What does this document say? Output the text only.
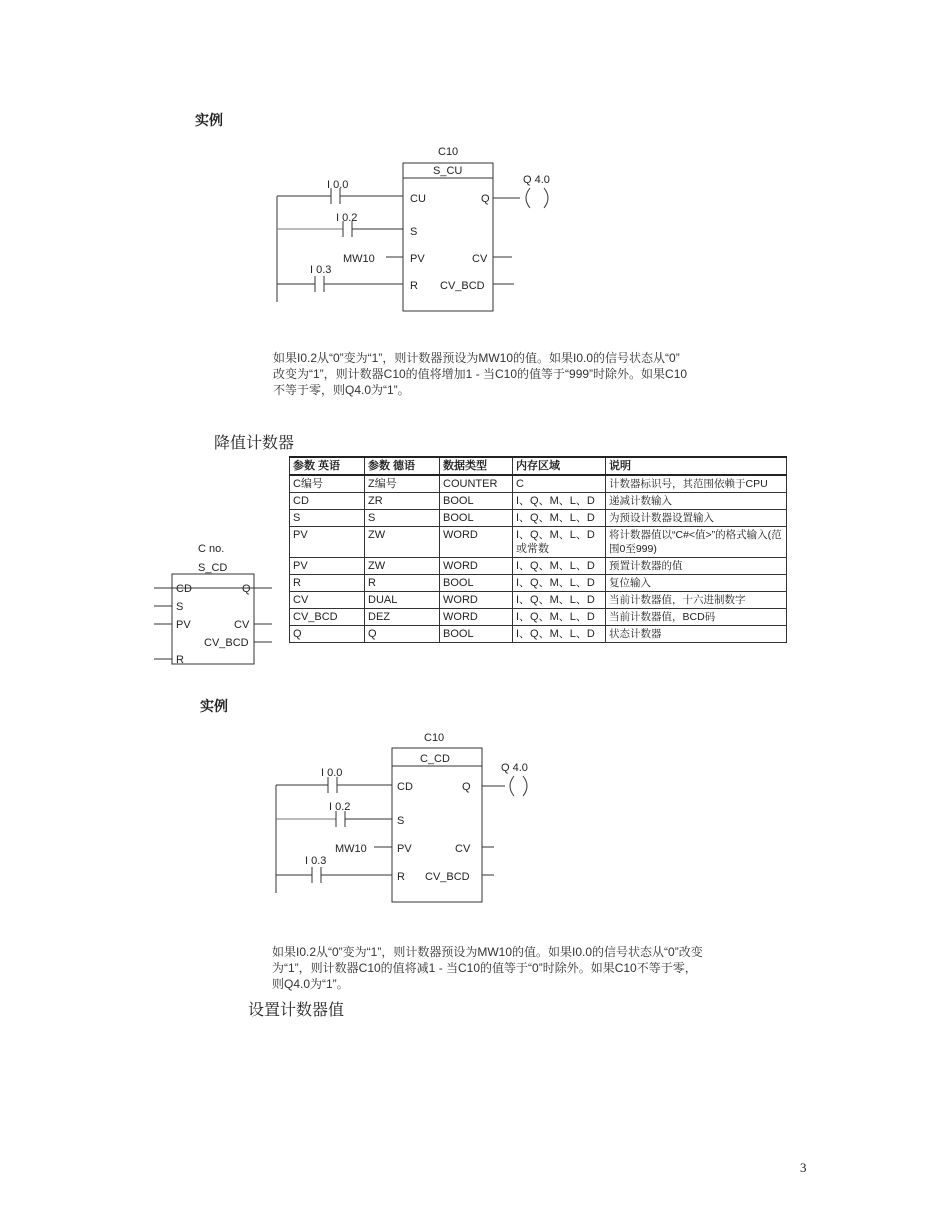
实例
C10
S_CU
I 0.0
I 0.2
I 0.3
CU
S
PV
R
Q
CV
CV_BCD
MW10
Q 4.0
如果I0.2从“0”变为“1”，则计数器预设为MW10的值。如果I0.0的信号状态从“0”
改变为“1”，则计数器C10的值将增加1 - 当C10的值等于“999”时除外。如果C10
不等于零，则Q4.0为“1”。
降值计数器
C no.
S_CD
CD
S
PV
R
Q
CV
CV_BCD
参数 英语	参数 德语	数据类型	内存区域	说明
C编号	Z编号	COUNTER	C	计数器标识号，其范围依赖于CPU
CD	ZR	BOOL	I、Q、M、L、D	递减计数输入
S	S	BOOL	I、Q、M、L、D	为预设计数器设置输入
PV	ZW	WORD	I、Q、M、L、D或常数	将计数器值以“C#<值>”的格式输入(范围0至999)
PV	ZW	WORD	I、Q、M、L、D	预置计数器的值
R	R	BOOL	I、Q、M、L、D	复位输入
CV	DUAL	WORD	I、Q、M、L、D	当前计数器值，十六进制数字
CV_BCD	DEZ	WORD	I、Q、M、L、D	当前计数器值，BCD码
Q	Q	BOOL	I、Q、M、L、D	状态计数器
实例
C10
C_CD
I 0.0
I 0.2
I 0.3
CD
S
PV
R
Q
CV
CV_BCD
MW10
Q 4.0
如果I0.2从“0”变为“1”，则计数器预设为MW10的值。如果I0.0的信号状态从“0”改变
为“1”，则计数器C10的值将减1 - 当C10的值等于“0”时除外。如果C10不等于零，
则Q4.0为“1”。
设置计数器值
3
